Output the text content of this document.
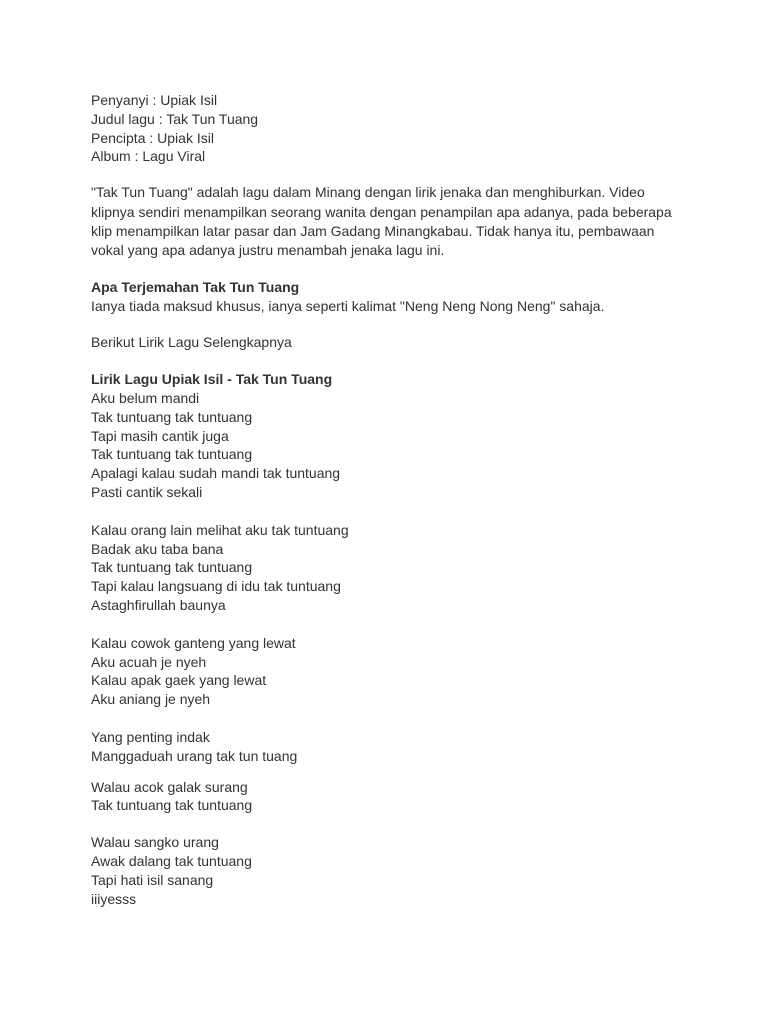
Penyanyi : Upiak Isil
Judul lagu : Tak Tun Tuang
Pencipta : Upiak Isil
Album : Lagu Viral
"Tak Tun Tuang" adalah lagu dalam Minang dengan lirik jenaka dan menghiburkan. Video
klipnya sendiri menampilkan seorang wanita dengan penampilan apa adanya, pada beberapa
klip menampilkan latar pasar dan Jam Gadang Minangkabau. Tidak hanya itu, pembawaan
vokal yang apa adanya justru menambah jenaka lagu ini.
Apa Terjemahan Tak Tun Tuang
Ianya tiada maksud khusus, ianya seperti kalimat "Neng Neng Nong Neng" sahaja.
Berikut Lirik Lagu Selengkapnya
Lirik Lagu Upiak Isil - Tak Tun Tuang
Aku belum mandi
Tak tuntuang tak tuntuang
Tapi masih cantik juga
Tak tuntuang tak tuntuang
Apalagi kalau sudah mandi tak tuntuang
Pasti cantik sekali
Kalau orang lain melihat aku tak tuntuang
Badak aku taba bana
Tak tuntuang tak tuntuang
Tapi kalau langsuang di idu tak tuntuang
Astaghfirullah baunya
Kalau cowok ganteng yang lewat
Aku acuah je nyeh
Kalau apak gaek yang lewat
Aku aniang je nyeh
Yang penting indak
Manggaduah urang tak tun tuang
Walau acok galak surang
Tak tuntuang tak tuntuang
Walau sangko urang
Awak dalang tak tuntuang
Tapi hati isil sanang
iiiyesss
